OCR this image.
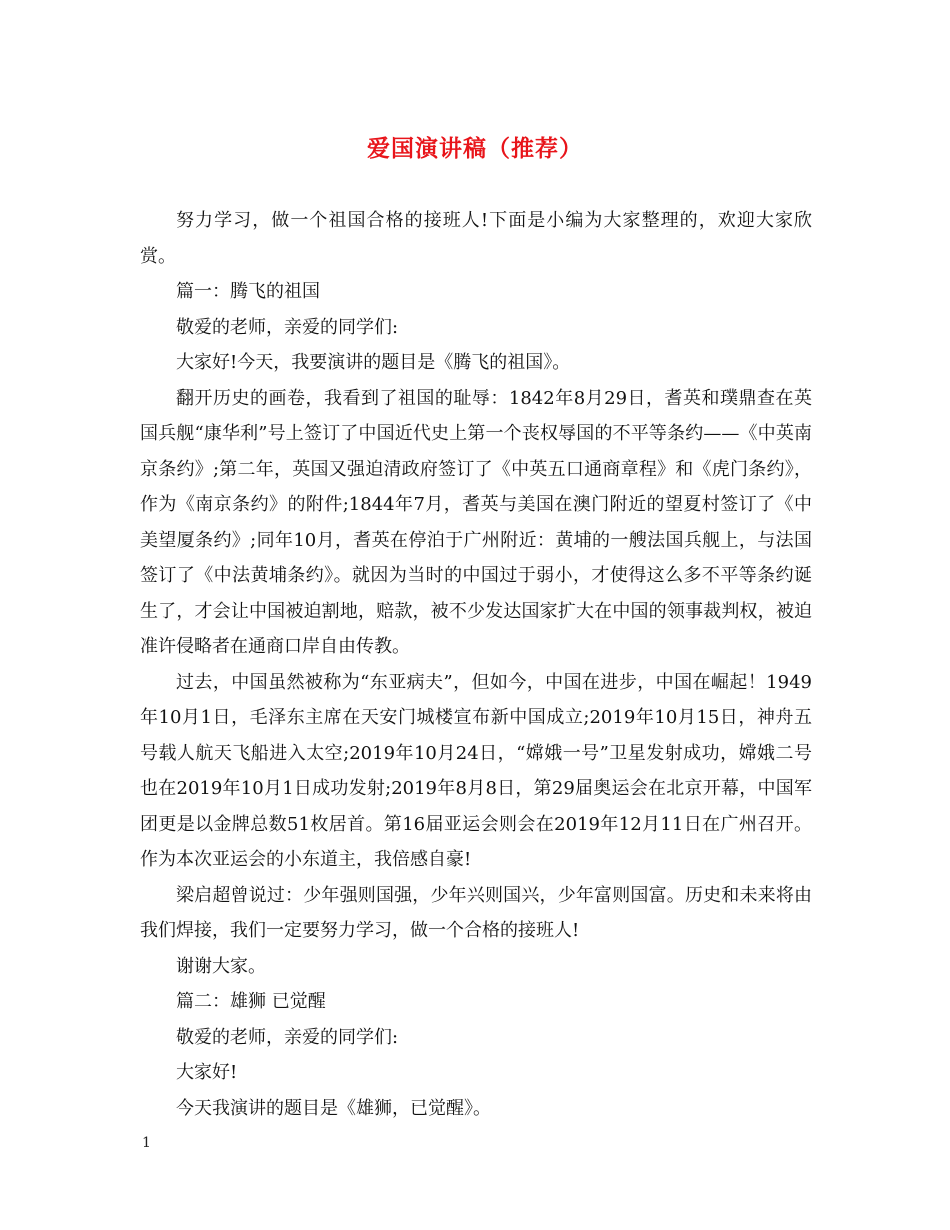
爱国演讲稿（推荐）

努力学习，做一个祖国合格的接班人!下面是小编为大家整理的，欢迎大家欣赏。

篇一：腾飞的祖国

敬爱的老师，亲爱的同学们:

大家好!今天，我要演讲的题目是《腾飞的祖国》。

翻开历史的画卷，我看到了祖国的耻辱：1842年8月29日，耆英和璞鼎查在英国兵舰“康华利”号上签订了中国近代史上第一个丧权辱国的不平等条约——《中英南京条约》;第二年，英国又强迫清政府签订了《中英五口通商章程》和《虎门条约》，作为《南京条约》的附件;1844年7月，耆英与美国在澳门附近的望夏村签订了《中美望厦条约》;同年10月，耆英在停泊于广州附近：黄埔的一艘法国兵舰上，与法国签订了《中法黄埔条约》。就因为当时的中国过于弱小，才使得这么多不平等条约诞生了，才会让中国被迫割地，赔款，被不少发达国家扩大在中国的领事裁判权，被迫准许侵略者在通商口岸自由传教。

过去，中国虽然被称为“东亚病夫”，但如今，中国在进步，中国在崛起！1949年10月1日，毛泽东主席在天安门城楼宣布新中国成立;2019年10月15日，神舟五号载人航天飞船进入太空;2019年10月24日，“嫦娥一号”卫星发射成功，嫦娥二号也在2019年10月1日成功发射;2019年8月8日，第29届奥运会在北京开幕，中国军团更是以金牌总数51枚居首。第16届亚运会则会在2019年12月11日在广州召开。作为本次亚运会的小东道主，我倍感自豪!

梁启超曾说过：少年强则国强，少年兴则国兴，少年富则国富。历史和未来将由我们焊接，我们一定要努力学习，做一个合格的接班人!

谢谢大家。

篇二：雄狮 已觉醒

敬爱的老师，亲爱的同学们:

大家好!

今天我演讲的题目是《雄狮，已觉醒》。

1
